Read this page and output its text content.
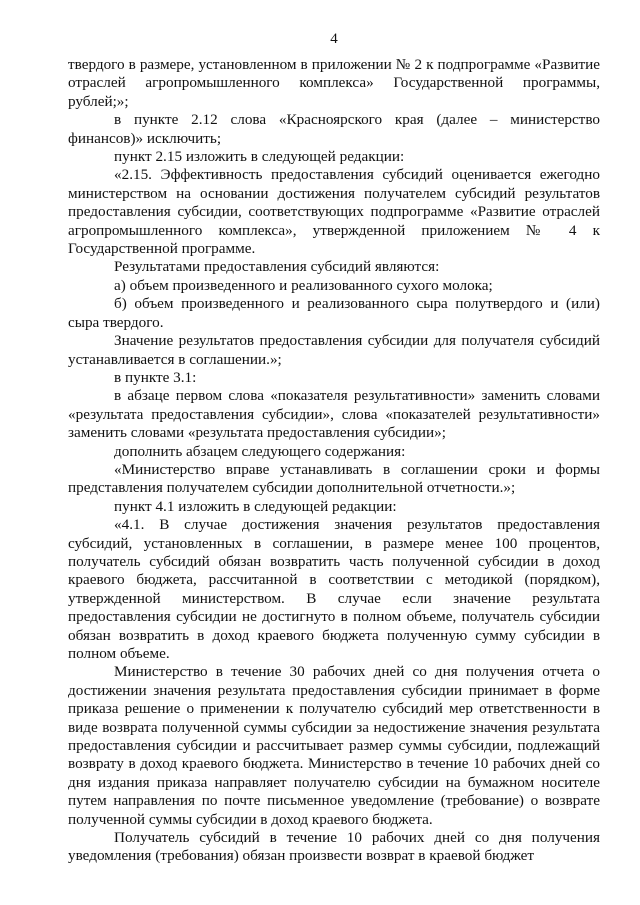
4

твердого в размере, установленном в приложении № 2 к подпрограмме «Развитие отраслей агропромышленного комплекса» Государственной программы, рублей;»;

в пункте 2.12 слова «Красноярского края (далее – министерство финансов)» исключить;

пункт 2.15 изложить в следующей редакции:

«2.15. Эффективность предоставления субсидий оценивается ежегодно министерством на основании достижения получателем субсидий результатов предоставления субсидии, соответствующих подпрограмме «Развитие отраслей агропромышленного комплекса», утвержденной приложением № 4 к Государственной программе.

Результатами предоставления субсидий являются:

а) объем произведенного и реализованного сухого молока;

б) объем произведенного и реализованного сыра полутвердого и (или) сыра твердого.

Значение результатов предоставления субсидии для получателя субсидий устанавливается в соглашении.»;

в пункте 3.1:

в абзаце первом слова «показателя результативности» заменить словами «результата предоставления субсидии», слова «показателей результативности» заменить словами «результата предоставления субсидии»;

дополнить абзацем следующего содержания:

«Министерство вправе устанавливать в соглашении сроки и формы представления получателем субсидии дополнительной отчетности.»;

пункт 4.1 изложить в следующей редакции:

«4.1. В случае достижения значения результатов предоставления субсидий, установленных в соглашении, в размере менее 100 процентов, получатель субсидий обязан возвратить часть полученной субсидии в доход краевого бюджета, рассчитанной в соответствии с методикой (порядком), утвержденной министерством. В случае если значение результата предоставления субсидии не достигнуто в полном объеме, получатель субсидии обязан возвратить в доход краевого бюджета полученную сумму субсидии в полном объеме.

Министерство в течение 30 рабочих дней со дня получения отчета о достижении значения результата предоставления субсидии принимает в форме приказа решение о применении к получателю субсидий мер ответственности в виде возврата полученной суммы субсидии за недостижение значения результата предоставления субсидии и рассчитывает размер суммы субсидии, подлежащий возврату в доход краевого бюджета. Министерство в течение 10 рабочих дней со дня издания приказа направляет получателю субсидии на бумажном носителе путем направления по почте письменное уведомление (требование) о возврате полученной суммы субсидии в доход краевого бюджета.

Получатель субсидий в течение 10 рабочих дней со дня получения уведомления (требования) обязан произвести возврат в краевой бюджет
